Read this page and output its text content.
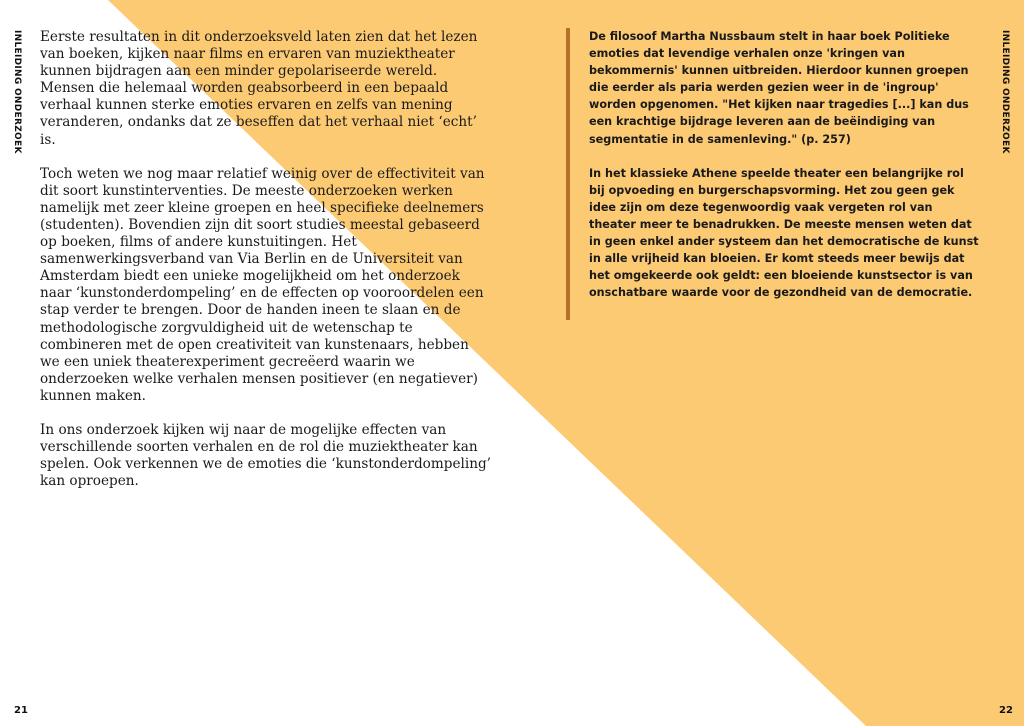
INLEIDING ONDERZOEK Eerste resultaten in dit onderzoeksveld laten zien dat het lezen van boeken, kijken naar films en ervaren van muziektheater kunnen bijdragen aan een minder gepolariseerde wereld. Mensen die helemaal worden geabsorbeerd in een bepaald verhaal kunnen sterke emoties ervaren en zelfs van mening veranderen, ondanks dat ze beseffen dat het verhaal niet ‘echt’ is.

Toch weten we nog maar relatief weinig over de effectiviteit van dit soort kunstinterventies. De meeste onderzoeken werken namelijk met zeer kleine groepen en heel specifieke deelnemers (studenten). Bovendien zijn dit soort studies meestal gebaseerd op boeken, films of andere kunstuitingen. Het samenwerkingsverband van Via Berlin en de Universiteit van Amsterdam biedt een unieke mogelijkheid om het onderzoek naar ‘kunstonderdompeling’ en de effecten op vooroordelen een stap verder te brengen. Door de handen ineen te slaan en de methodologische zorgvuldigheid uit de wetenschap te combineren met de open creativiteit van kunstenaars, hebben we een uniek theaterexperiment gecreëerd waarin we onderzoeken welke verhalen mensen positiever (en negatiever) kunnen maken.

In ons onderzoek kijken wij naar de mogelijke effecten van verschillende soorten verhalen en de rol die muziektheater kan spelen. Ook verkennen we de emoties die ‘kunstonderdompeling’ kan oproepen.

De filosoof Martha Nussbaum stelt in haar boek Politieke emoties dat levendige verhalen onze 'kringen van bekommernis' kunnen uitbreiden. Hierdoor kunnen groepen die eerder als paria werden gezien weer in de 'ingroup' worden opgenomen. "Het kijken naar tragedies [...] kan dus een krachtige bijdrage leveren aan de beëindiging van segmentatie in de samenleving." (p. 257)

In het klassieke Athene speelde theater een belangrijke rol bij opvoeding en burgerschapsvorming. Het zou geen gek idee zijn om deze tegenwoordig vaak vergeten rol van theater meer te benadrukken. De meeste mensen weten dat in geen enkel ander systeem dan het democratische de kunst in alle vrijheid kan bloeien. Er komt steeds meer bewijs dat het omgekeerde ook geldt: een bloeiende kunstsector is van onschatbare waarde voor de gezondheid van de democratie.

INLEIDING ONDERZOEK
21	22
